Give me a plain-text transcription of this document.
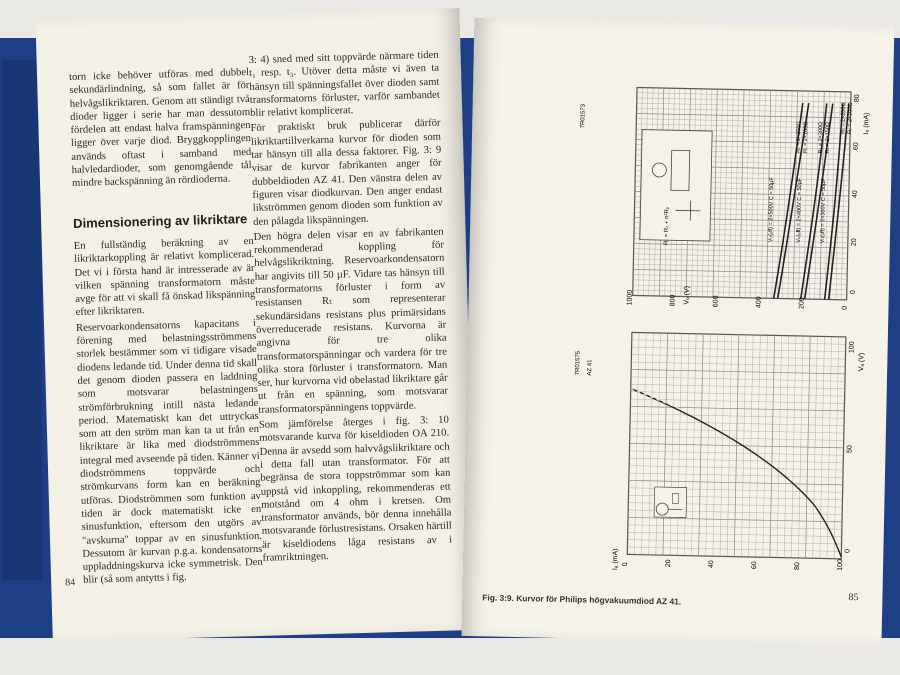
torn icke behöver utföras med dubbel sekundärlindning, så som fallet är för helvågslikriktaren. Genom att ständigt två dioder ligger i serie har man dessutom fördelen att endast halva framspänningen ligger över varje diod. Bryggkopplingen används oftast i samband med halvledardioder, som genomgående tål mindre backspänning än rördioderna.

Dimensionering av likriktare

En fullständig beräkning av en likriktarkoppling är relativt komplicerad. Det vi i första hand är intresserade av är vilken spänning transformatorn måste avge för att vi skall få önskad likspänning efter likriktaren.

Reservoarkondensatorns kapacitans i förening med belastningsströmmens storlek bestämmer som vi tidigare visade diodens ledande tid. Under denna tid skall det genom dioden passera en laddning som motsvarar belastningens strömförbrukning intill nästa ledande period. Matematiskt kan det uttryckas som att den ström man kan ta ut från en likriktare är lika med diodströmmens integral med avseende på tiden. Känner vi diodströmmens toppvärde och strömkurvans form kan en beräkning utföras. Diodströmmen som funktion av tiden är dock matematiskt icke en sinusfunktion, eftersom den utgörs av "avskurna" toppar av en sinusfunktion. Dessutom är kurvan p.g.a. kondensatorns uppladdningskurva icke symmetrisk. Den blir (så som antytts i fig.

3: 4) sned med sitt toppvärde närmare tiden t₁ resp. t₃. Utöver detta måste vi även ta hänsyn till spänningsfallet över dioden samt transformatorns förluster, varför sambandet blir relativt komplicerat.

För praktiskt bruk publicerar därför likriktartillverkarna kurvor för dioden som tar hänsyn till alla dessa faktorer. Fig. 3: 9 visar de kurvor fabrikanten anger för dubbeldioden AZ 41. Den vänstra delen av figuren visar diodkurvan. Den anger endast likströmmen genom dioden som funktion av den pålagda likspänningen.

Den högra delen visar en av fabrikanten rekommenderad koppling för helvågslikriktning. Reservoarkondensatorn har angivits till 50 µF. Vidare tas hänsyn till transformatorns förluster i form av resistansen Rₜ som representerar sekundärsidans resistans plus primärsidans överreducerade resistans. Kurvorna är angivna för tre olika transformatorspänningar och vardera för tre olika stora förluster i transformatorn. Man ser, hur kurvorna vid obelastad likriktare går ut från en spänning, som motsvarar transformatorspänningens toppvärde.

Som jämförelse återges i fig. 3: 10 motsvarande kurva för kiseldioden OA 210. Denna är avsedd som halvvågslikriktare och i detta fall utan transformator. För att begränsa de stora toppströmmar som kan uppstå vid inkoppling, rekommenderas ett motstånd om 4 ohm i kretsen. Om transformator används, bör denna innehålla motsvarande förlustresistans. Orsaken härtill är kiseldiodens låga resistans av i framriktningen.

84
7R01573
Rₜ = Rₛ + n²Rₚ	Vₜᵣ(ₑff) = 2×500V C = 50µF
Rₜ = 2×200Ω Rₜ = 2×100Ω
Vₜᵣ(ₑff) = 2×400V C = 50µF
Rₜ = 2×300Ω Rₜ = 2×150Ω
Vₜᵣ(ₑff) = 2×300V C = 50µF
Rₜ = 2×200Ω Rₜ = 2×100Ω
Vₒ (V)
Iₒ (mA)
0
200
400
600
800
1000	0
20
40
60
80
7R01575 AZ 41	Vₐ (V)
Iₐ (mA) 0	20	40	60	80	100
0
50
100
Fig. 3:9. Kurvor för Philips högvakuumdiod AZ 41.	85
